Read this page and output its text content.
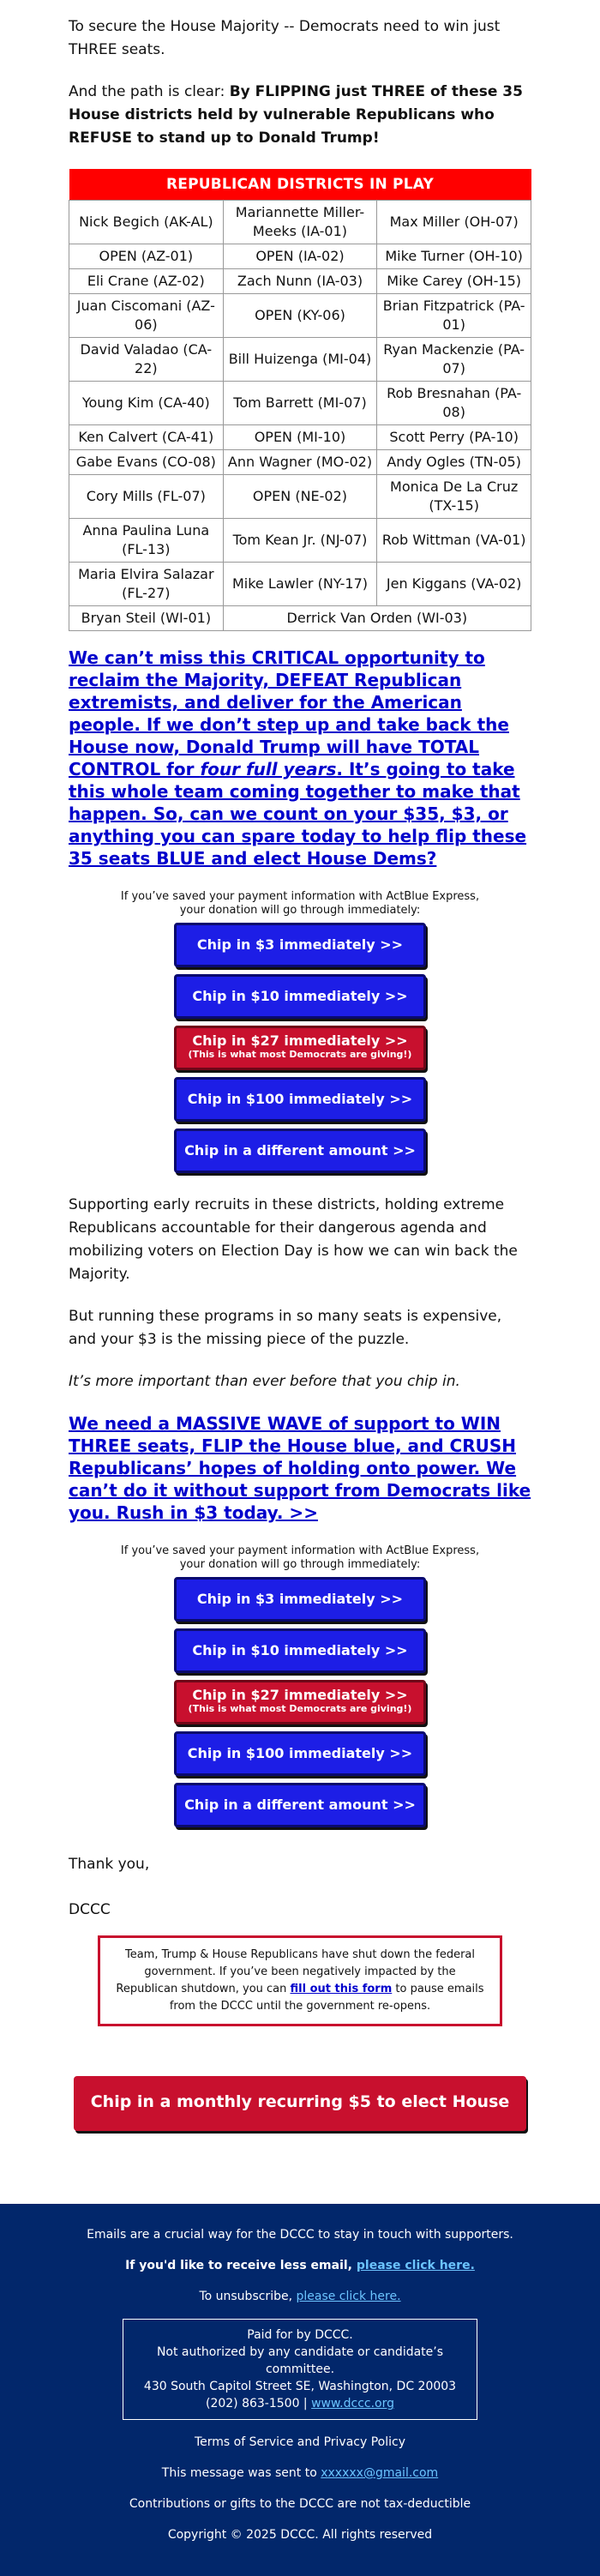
To secure the House Majority -- Democrats need to win just THREE seats.

And the path is clear: By FLIPPING just THREE of these 35 House districts held by vulnerable Republicans who REFUSE to stand up to Donald Trump!

REPUBLICAN DISTRICTS IN PLAY		
Nick Begich (AK-AL)	Mariannette Miller-Meeks (IA-01)	Max Miller (OH-07)
OPEN (AZ-01)	OPEN (IA-02)	Mike Turner (OH-10)
Eli Crane (AZ-02)	Zach Nunn (IA-03)	Mike Carey (OH-15)
Juan Ciscomani (AZ-06)	OPEN (KY-06)	Brian Fitzpatrick (PA-01)
David Valadao (CA-22)	Bill Huizenga (MI-04)	Ryan Mackenzie (PA-07)
Young Kim (CA-40)	Tom Barrett (MI-07)	Rob Bresnahan (PA-08)
Ken Calvert (CA-41)	OPEN (MI-10)	Scott Perry (PA-10)
Gabe Evans (CO-08)	Ann Wagner (MO-02)	Andy Ogles (TN-05)
Cory Mills (FL-07)	OPEN (NE-02)	Monica De La Cruz (TX-15)
Anna Paulina Luna (FL-13)	Tom Kean Jr. (NJ-07)	Rob Wittman (VA-01)
Maria Elvira Salazar (FL-27)	Mike Lawler (NY-17)	Jen Kiggans (VA-02)
Bryan Steil (WI-01)	Derrick Van Orden (WI-03)	
We can’t miss this CRITICAL opportunity to reclaim the Majority, DEFEAT Republican extremists, and deliver for the American people. If we don’t step up and take back the House now, Donald Trump will have TOTAL CONTROL for four full years. It’s going to take this whole team coming together to make that happen. So, can we count on your $35, $3, or anything you can spare today to help flip these 35 seats BLUE and elect House Dems?
If you’ve saved your payment information with ActBlue Express,
your donation will go through immediately:
Chip in $3 immediately >>
Chip in $10 immediately >>
Chip in $27 immediately >>
(This is what most Democrats are giving!)
Chip in $100 immediately >>
Chip in a different amount >>

Supporting early recruits in these districts, holding extreme Republicans accountable for their dangerous agenda and mobilizing voters on Election Day is how we can win back the Majority.

But running these programs in so many seats is expensive, and your $3 is the missing piece of the puzzle.

It’s more important than ever before that you chip in.

We need a MASSIVE WAVE of support to WIN THREE seats, FLIP the House blue, and CRUSH Republicans’ hopes of holding onto power. We can’t do it without support from Democrats like you. Rush in $3 today. >>
If you’ve saved your payment information with ActBlue Express,
your donation will go through immediately:
Chip in $3 immediately >>
Chip in $10 immediately >>
Chip in $27 immediately >>
(This is what most Democrats are giving!)
Chip in $100 immediately >>
Chip in a different amount >>

Thank you,

DCCC

Team, Trump & House Republicans have shut down the federal government. If you’ve been negatively impacted by the Republican shutdown, you can fill out this form to pause emails from the DCCC until the government re-opens.
Chip in a monthly recurring $5 to elect House Dems >>

Emails are a crucial way for the DCCC to stay in touch with supporters.

If you'd like to receive less email, please click here.

To unsubscribe, please click here.

Paid for by DCCC.
Not authorized by any candidate or candidate’s committee.
430 South Capitol Street SE, Washington, DC 20003
(202) 863-1500 | www.dccc.org

Terms of Service and Privacy Policy

This message was sent to xxxxxx@gmail.com

Contributions or gifts to the DCCC are not tax-deductible

Copyright © 2025 DCCC. All rights reserved
